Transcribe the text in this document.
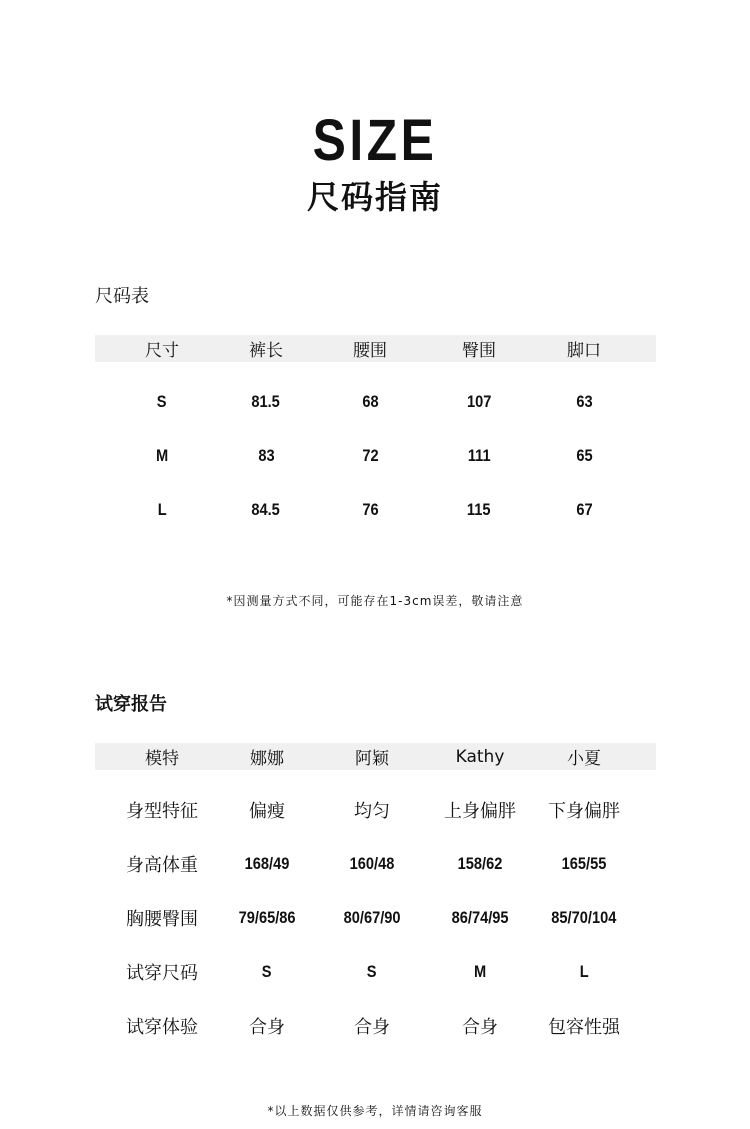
SIZE
尺码指南
尺码表
尺寸	裤长	腰围	臀围	脚口
S	81.5	68	107	63
M	83	72	111	65
L	84.5	76	115	67
*因测量方式不同，可能存在1-3cm误差，敬请注意
试穿报告
模特	娜娜	阿颖	Kathy	小夏
身型特征	偏瘦	均匀	上身偏胖	下身偏胖
身高体重	168/49	160/48	158/62	165/55
胸腰臀围	79/65/86	80/67/90	86/74/95	85/70/104
试穿尺码	S	S	M	L
试穿体验	合身	合身	合身	包容性强
*以上数据仅供参考，详情请咨询客服
